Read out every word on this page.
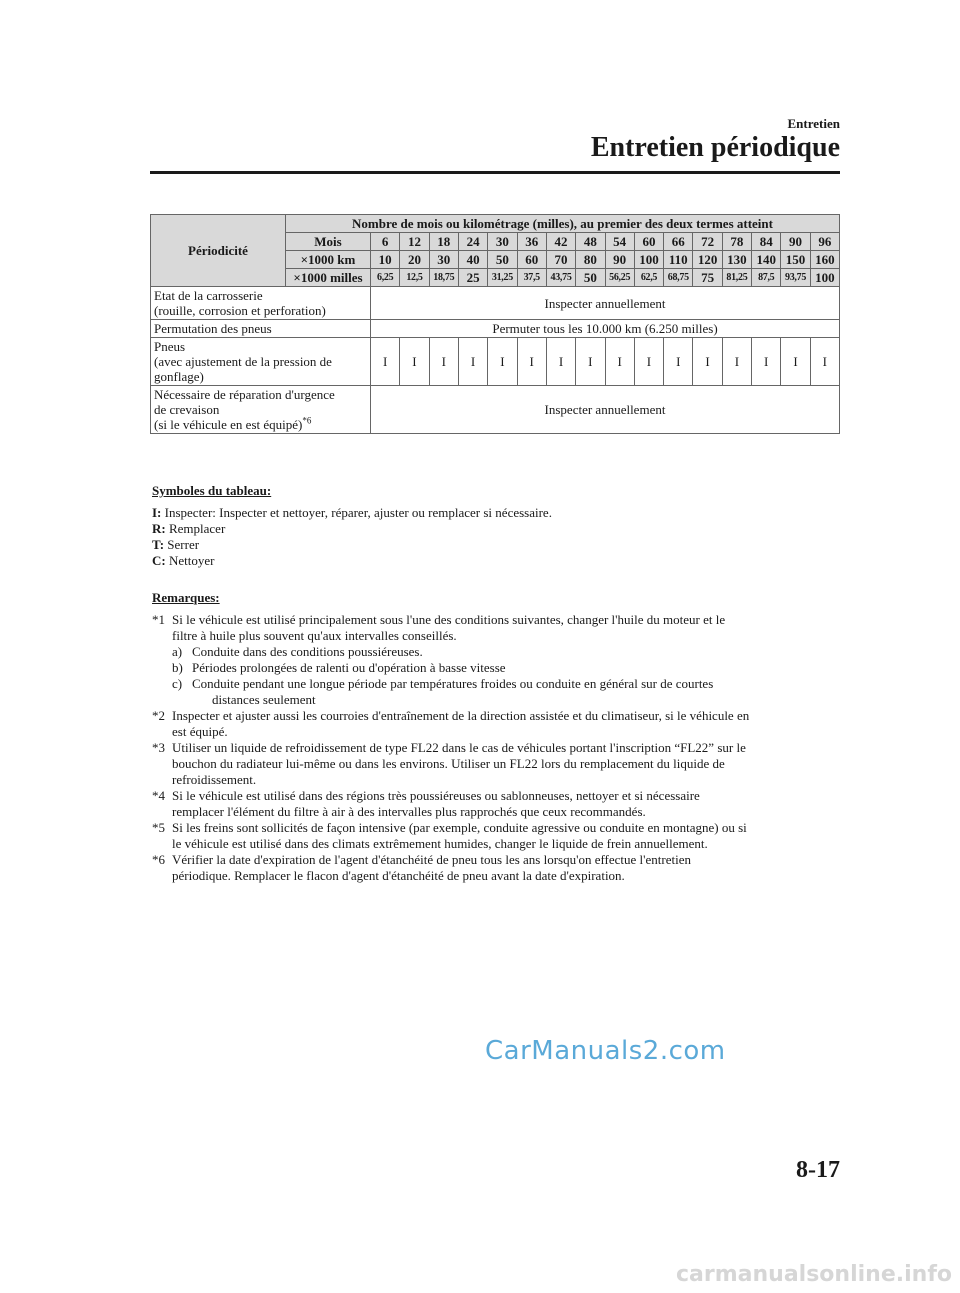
Entretien
Entretien périodique
Périodicité	Nombre de mois ou kilométrage (milles), au premier des deux termes atteint																
	Mois	6	12	18	24	30	36	42	48	54	60	66	72	78	84	90	96
	×1000 km	10	20	30	40	50	60	70	80	90	100	110	120	130	140	150	160
	×1000 milles	6,25	12,5	18,75	25	31,25	37,5	43,75	50	56,25	62,5	68,75	75	81,25	87,5	93,75	100
Etat de la carrosserie
(rouille, corrosion et perforation)		Inspecter annuellement															
Permutation des pneus		Permuter tous les 10.000 km (6.250 milles)															
Pneus
(avec ajustement de la pression de
gonflage)		I	I	I	I	I	I	I	I	I	I	I	I	I	I	I	I
Nécessaire de réparation d'urgence
de crevaison
(si le véhicule en est équipé)$^{*6}$		Inspecter annuellement															
Symboles du tableau:
I: Inspecter: Inspecter et nettoyer, réparer, ajuster ou remplacer si nécessaire.
R: Remplacer
T: Serrer
C: Nettoyer
Remarques:
*1 Si le véhicule est utilisé principalement sous l'une des conditions suivantes, changer l'huile du moteur et le
filtre à huile plus souvent qu'aux intervalles conseillés.
a) Conduite dans des conditions poussiéreuses.
b) Périodes prolongées de ralenti ou d'opération à basse vitesse
c) Conduite pendant une longue période par températures froides ou conduite en général sur de courtes
distances seulement
*2 Inspecter et ajuster aussi les courroies d'entraînement de la direction assistée et du climatiseur, si le véhicule en
est équipé.
*3 Utiliser un liquide de refroidissement de type FL22 dans le cas de véhicules portant l'inscription “FL22” sur le
bouchon du radiateur lui-même ou dans les environs. Utiliser un FL22 lors du remplacement du liquide de
refroidissement.
*4 Si le véhicule est utilisé dans des régions très poussiéreuses ou sablonneuses, nettoyer et si nécessaire
remplacer l'élément du filtre à air à des intervalles plus rapprochés que ceux recommandés.
*5 Si les freins sont sollicités de façon intensive (par exemple, conduite agressive ou conduite en montagne) ou si
le véhicule est utilisé dans des climats extrêmement humides, changer le liquide de frein annuellement.
*6 Vérifier la date d'expiration de l'agent d'étanchéité de pneu tous les ans lorsqu'on effectue l'entretien
périodique. Remplacer le flacon d'agent d'étanchéité de pneu avant la date d'expiration.
CarManuals2.com
8-17
carmanualsonline.info
